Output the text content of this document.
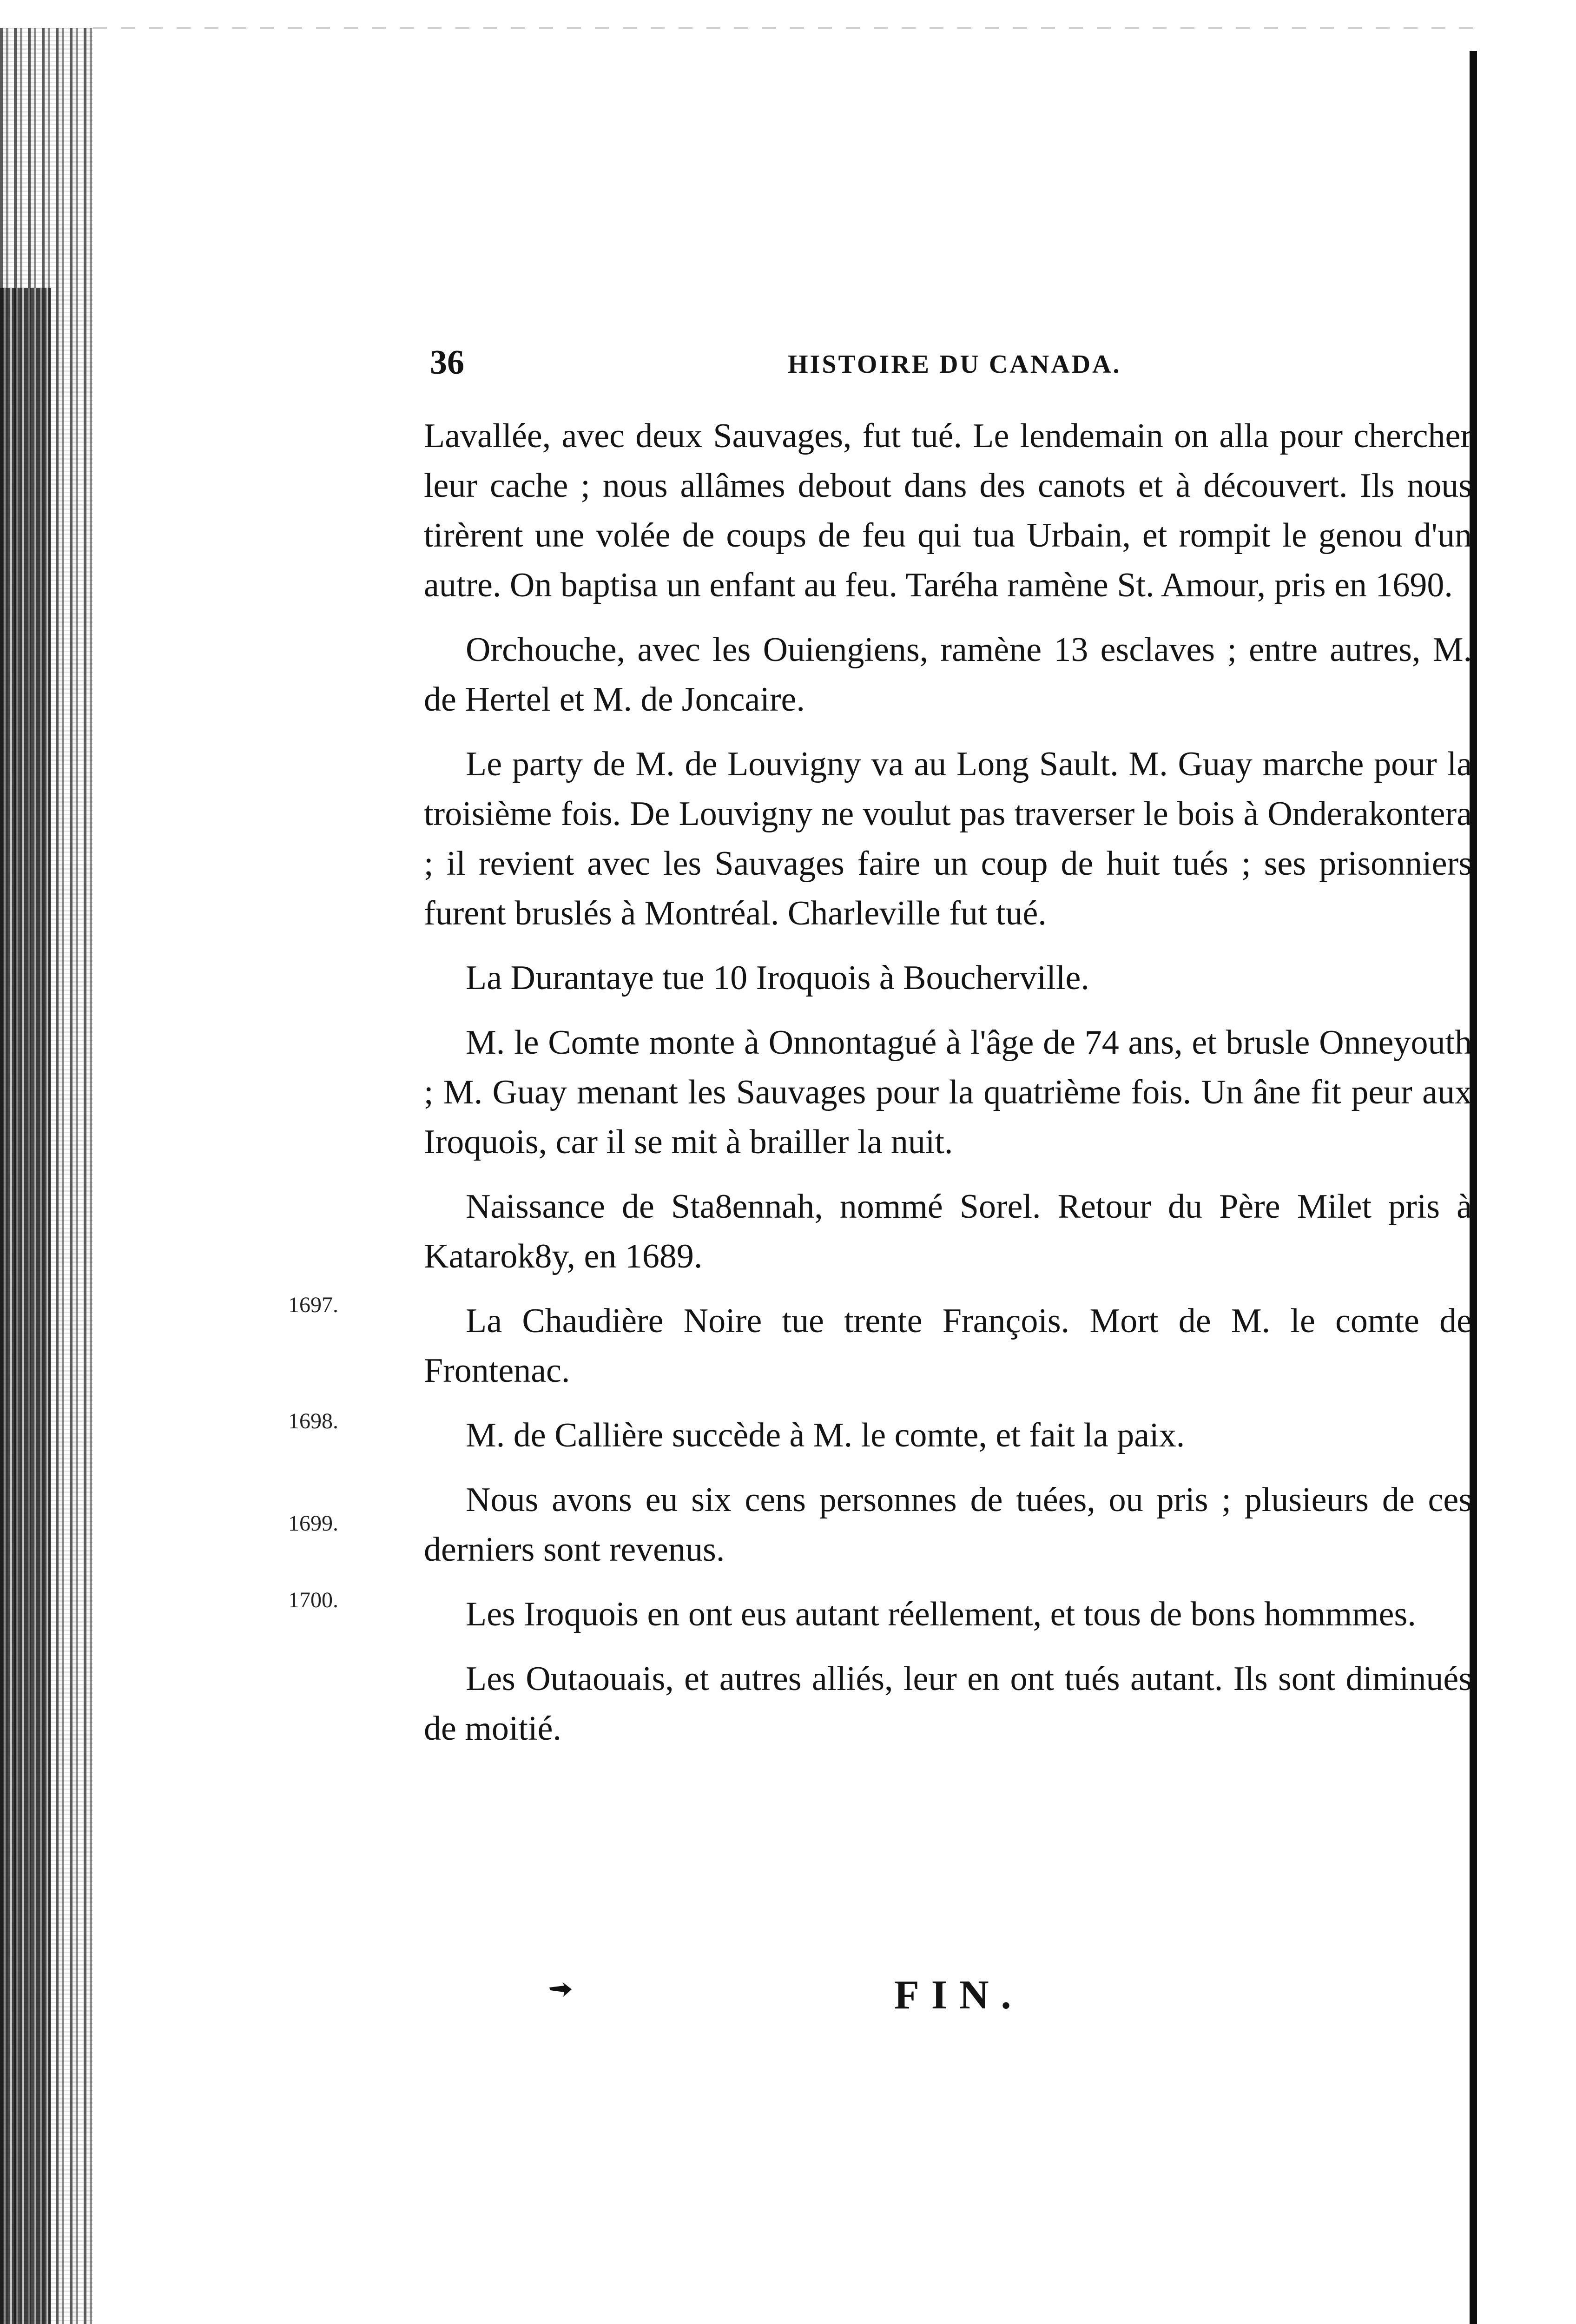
36	HISTOIRE DU CANADA.
1697.
1698.
1699.
1700.

Lavallée, avec deux Sauvages, fut tué. Le lendemain on alla pour chercher leur cache ; nous allâmes debout dans des canots et à découvert. Ils nous tirèrent une volée de coups de feu qui tua Urbain, et rompit le genou d'un autre. On baptisa un enfant au feu. Taréha ramène St. Amour, pris en 1690.

Orchouche, avec les Ouiengiens, ramène 13 esclaves ; entre autres, M. de Hertel et M. de Joncaire.

Le party de M. de Louvigny va au Long Sault. M. Guay marche pour la troisième fois. De Louvigny ne voulut pas traverser le bois à Onderakontera ; il revient avec les Sauvages faire un coup de huit tués ; ses prisonniers furent bruslés à Montréal. Charleville fut tué.

La Durantaye tue 10 Iroquois à Boucherville.

M. le Comte monte à Onnontagué à l'âge de 74 ans, et brusle Onneyouth ; M. Guay menant les Sauvages pour la quatrième fois. Un âne fit peur aux Iroquois, car il se mit à brailler la nuit.

Naissance de Sta8ennah, nommé Sorel. Retour du Père Milet pris à Katarok8y, en 1689.

La Chaudière Noire tue trente François. Mort de M. le comte de Frontenac.

M. de Callière succède à M. le comte, et fait la paix.

Nous avons eu six cens personnes de tuées, ou pris ; plusieurs de ces derniers sont revenus.

Les Iroquois en ont eus autant réellement, et tous de bons hommmes.

Les Outaouais, et autres alliés, leur en ont tués autant. Ils sont diminués de moitié.

FIN.
